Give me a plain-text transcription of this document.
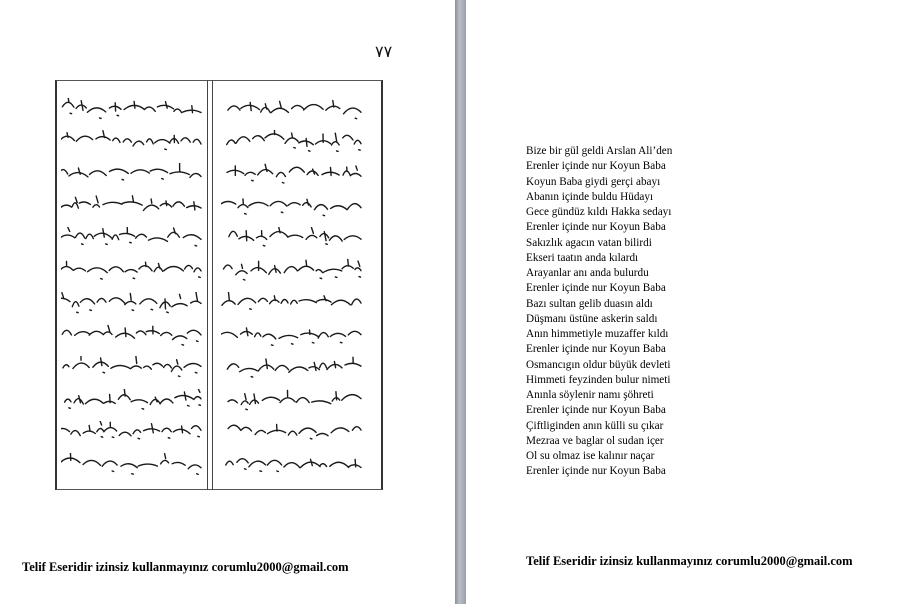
٧٧
Telif Eseridir izinsiz kullanmayınız corumlu2000@gmail.com
Bize bir gül geldi Arslan Ali’den
Erenler içinde nur Koyun Baba
Koyun Baba giydi gerçi abayı
Abanın içinde buldu Hüdayı
Gece gündüz kıldı Hakka sedayı
Erenler içinde nur Koyun Baba
Sakızlık agacın vatan bilirdi
Ekseri taatın anda kılardı
Arayanlar anı anda bulurdu
Erenler içinde nur Koyun Baba
Bazı sultan gelib duasın aldı
Düşmanı üstüne askerin saldı
Anın himmetiyle muzaffer kıldı
Erenler içinde nur Koyun Baba
Osmancıgın oldur büyük devleti
Himmeti feyzinden bulur nimeti
Anınla söylenir namı şöhreti
Erenler içinde nur Koyun Baba
Çiftliginden anın külli su çıkar
Mezraa ve baglar ol sudan içer
Ol su olmaz ise kalınır naçar
Erenler içinde nur Koyun Baba
Telif Eseridir izinsiz kullanmayınız corumlu2000@gmail.com
